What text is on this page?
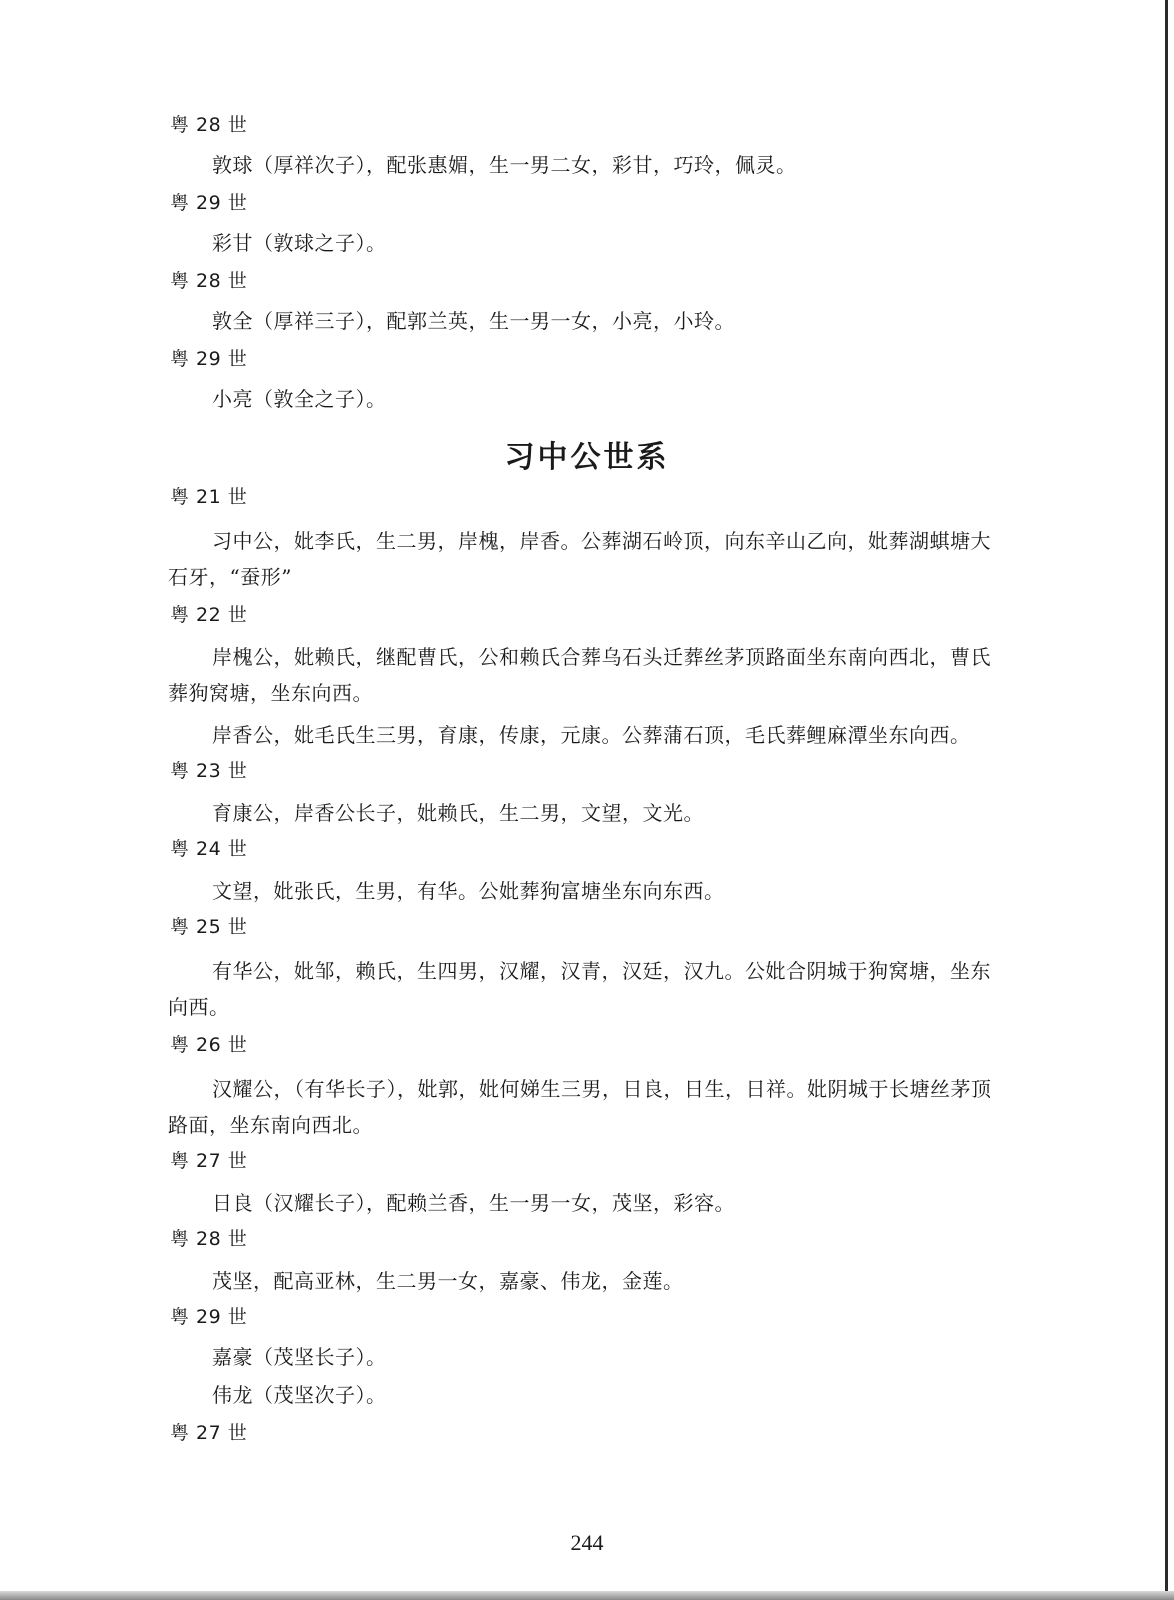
粤 28 世
敦球（厚祥次子），配张惠媚，生一男二女，彩甘，巧玲，佩灵。
粤 29 世
彩甘（敦球之子）。
粤 28 世
敦全（厚祥三子），配郭兰英，生一男一女，小亮，小玲。
粤 29 世
小亮（敦全之子）。
习中公世系
粤 21 世
习中公，妣李氏，生二男，岸槐，岸香。公葬湖石岭顶，向东辛山乙向，妣葬湖蜞塘大
石牙，“蚕形”
粤 22 世
岸槐公，妣赖氏，继配曹氏，公和赖氏合葬乌石头迁葬丝茅顶路面坐东南向西北，曹氏
葬狗窝塘，坐东向西。
岸香公，妣毛氏生三男，育康，传康，元康。公葬蒲石顶，毛氏葬鲤麻潭坐东向西。
粤 23 世
育康公，岸香公长子，妣赖氏，生二男，文望，文光。
粤 24 世
文望，妣张氏，生男，有华。公妣葬狗富塘坐东向东西。
粤 25 世
有华公，妣邹，赖氏，生四男，汉耀，汉青，汉廷，汉九。公妣合阴城于狗窝塘，坐东
向西。
粤 26 世
汉耀公，（有华长子），妣郭，妣何娣生三男，日良，日生，日祥。妣阴城于长塘丝茅顶
路面，坐东南向西北。
粤 27 世
日良（汉耀长子），配赖兰香，生一男一女，茂坚，彩容。
粤 28 世
茂坚，配高亚林，生二男一女，嘉豪、伟龙，金莲。
粤 29 世
嘉豪（茂坚长子）。
伟龙（茂坚次子）。
粤 27 世
244
